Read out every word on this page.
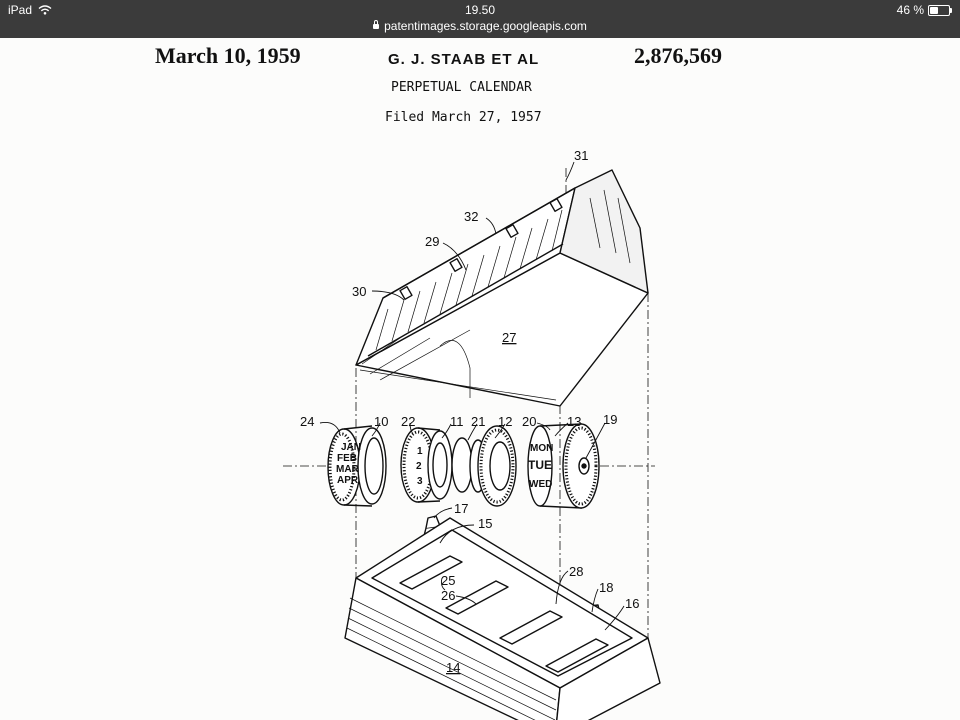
iPad	19.50	46 %
patentimages.storage.googleapis.com
JAN
FEB
MAR
APR
1
2
3
MON
TUE
WED
31
32
29
30
27
24	10 22	11 21 12 20 13 19
17
15
25
26
28
18
16
14
March 10, 1959	G. J. STAAB ET AL	2,876,569
PERPETUAL CALENDAR
Filed March 27, 1957
